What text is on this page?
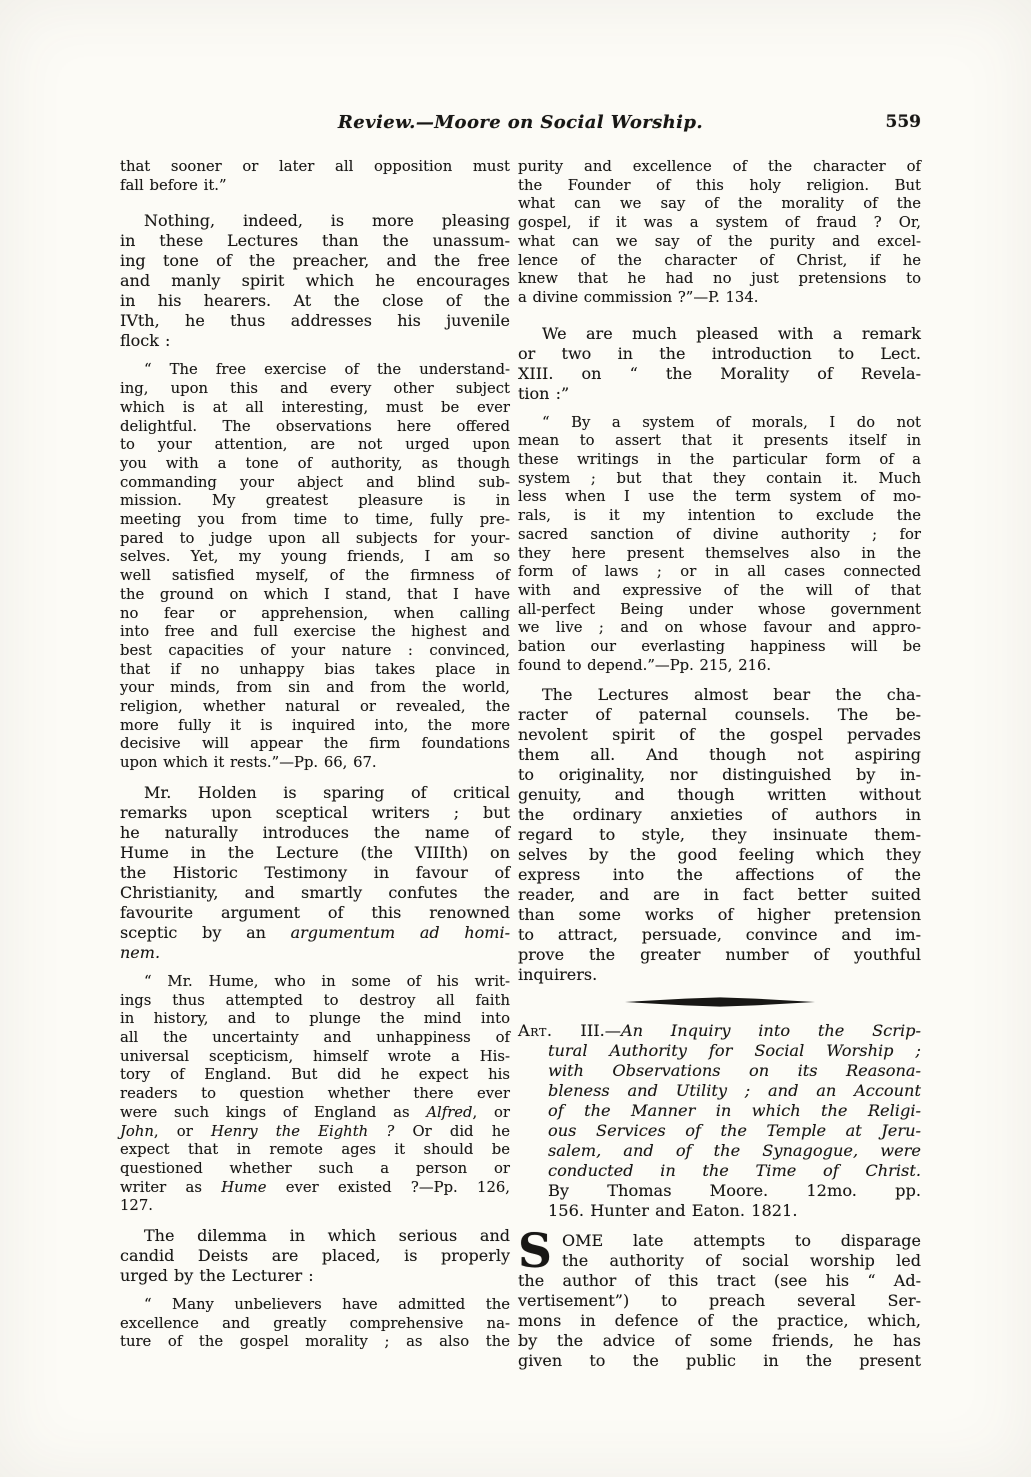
Review.—Moore on Social Worship.	559
that sooner or later all opposition must
fall before it.”
Nothing, indeed, is more pleasing
in these Lectures than the unassum-
ing tone of the preacher, and the free
and manly spirit which he encourages
in his hearers. At the close of the
IVth, he thus addresses his juvenile
flock :
“ The free exercise of the understand-
ing, upon this and every other subject
which is at all interesting, must be ever
delightful. The observations here offered
to your attention, are not urged upon
you with a tone of authority, as though
commanding your abject and blind sub-
mission. My greatest pleasure is in
meeting you from time to time, fully pre-
pared to judge upon all subjects for your-
selves. Yet, my young friends, I am so
well satisfied myself, of the firmness of
the ground on which I stand, that I have
no fear or apprehension, when calling
into free and full exercise the highest and
best capacities of your nature : convinced,
that if no unhappy bias takes place in
your minds, from sin and from the world,
religion, whether natural or revealed, the
more fully it is inquired into, the more
decisive will appear the firm foundations
upon which it rests.”—Pp. 66, 67.
Mr. Holden is sparing of critical
remarks upon sceptical writers ; but
he naturally introduces the name of
Hume in the Lecture (the VIIIth) on
the Historic Testimony in favour of
Christianity, and smartly confutes the
favourite argument of this renowned
sceptic by an argumentum ad homi-
nem.
“ Mr. Hume, who in some of his writ-
ings thus attempted to destroy all faith
in history, and to plunge the mind into
all the uncertainty and unhappiness of
universal scepticism, himself wrote a His-
tory of England. But did he expect his
readers to question whether there ever
were such kings of England as Alfred, or
John, or Henry the Eighth ? Or did he
expect that in remote ages it should be
questioned whether such a person or
writer as Hume ever existed ?—Pp. 126,
127.
The dilemma in which serious and
candid Deists are placed, is properly
urged by the Lecturer :
“ Many unbelievers have admitted the
excellence and greatly comprehensive na-
ture of the gospel morality ; as also the
purity and excellence of the character of
the Founder of this holy religion. But
what can we say of the morality of the
gospel, if it was a system of fraud ? Or,
what can we say of the purity and excel-
lence of the character of Christ, if he
knew that he had no just pretensions to
a divine commission ?”—P. 134.
We are much pleased with a remark
or two in the introduction to Lect.
XIII. on “ the Morality of Revela-
tion :”
“ By a system of morals, I do not
mean to assert that it presents itself in
these writings in the particular form of a
system ; but that they contain it. Much
less when I use the term system of mo-
rals, is it my intention to exclude the
sacred sanction of divine authority ; for
they here present themselves also in the
form of laws ; or in all cases connected
with and expressive of the will of that
all-perfect Being under whose government
we live ; and on whose favour and appro-
bation our everlasting happiness will be
found to depend.”—Pp. 215, 216.
The Lectures almost bear the cha-
racter of paternal counsels. The be-
nevolent spirit of the gospel pervades
them all. And though not aspiring
to originality, nor distinguished by in-
genuity, and though written without
the ordinary anxieties of authors in
regard to style, they insinuate them-
selves by the good feeling which they
express into the affections of the
reader, and are in fact better suited
than some works of higher pretension
to attract, persuade, convince and im-
prove the greater number of youthful
inquirers.
Art. III.—An Inquiry into the Scrip-
tural Authority for Social Worship ;
with Observations on its Reasona-
bleness and Utility ; and an Account
of the Manner in which the Religi-
ous Services of the Temple at Jeru-
salem, and of the Synagogue, were
conducted in the Time of Christ.
By Thomas Moore. 12mo. pp.
156. Hunter and Eaton. 1821.
S OME late attempts to disparage
the authority of social worship led
the author of this tract (see his “ Ad-
vertisement”) to preach several Ser-
mons in defence of the practice, which,
by the advice of some friends, he has
given to the public in the present
